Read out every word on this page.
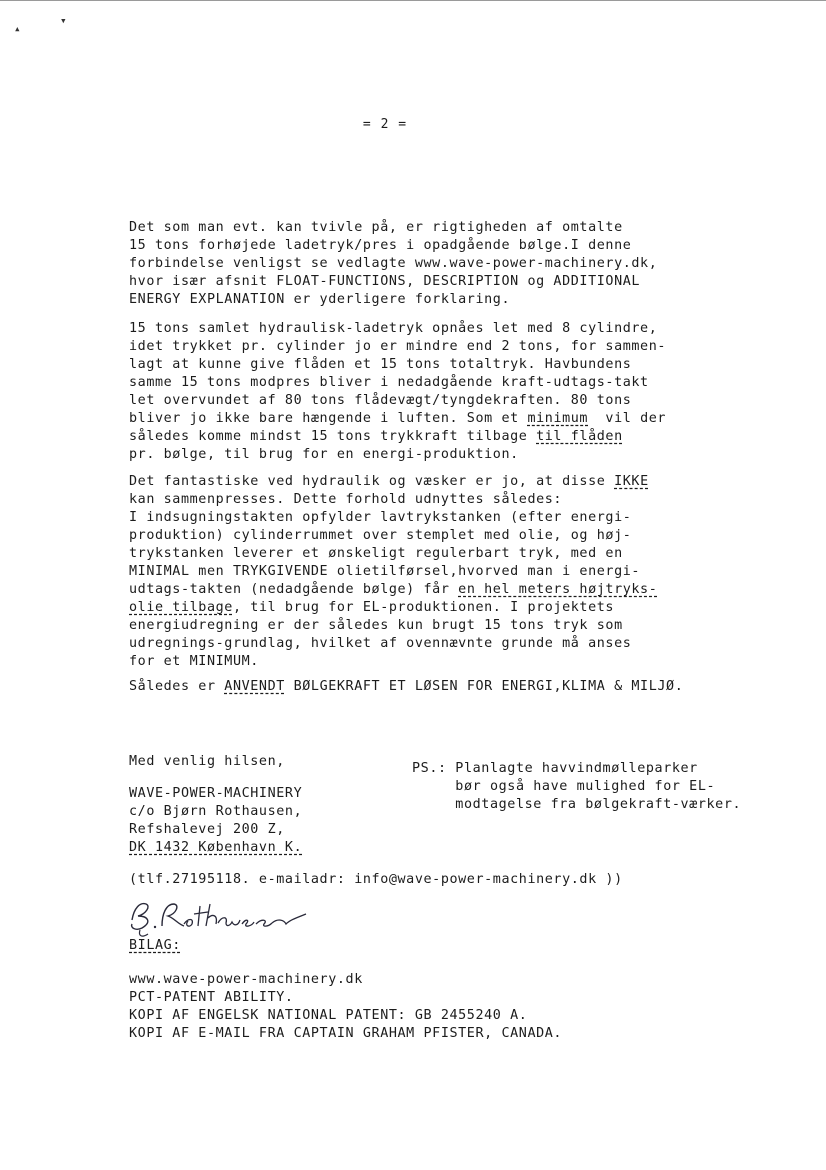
▴
▾
= 2 =
Det som man evt. kan tvivle på, er rigtigheden af omtalte
15 tons forhøjede ladetryk/pres i opadgående bølge.I denne
forbindelse venligst se vedlagte www.wave-power-machinery.dk,
hvor især afsnit FLOAT-FUNCTIONS, DESCRIPTION og ADDITIONAL
ENERGY EXPLANATION er yderligere forklaring.
15 tons samlet hydraulisk-ladetryk opnåes let med 8 cylindre,
idet trykket pr. cylinder jo er mindre end 2 tons, for sammen-
lagt at kunne give flåden et 15 tons totaltryk. Havbundens
samme 15 tons modpres bliver i nedadgående kraft-udtags-takt
let overvundet af 80 tons flådevægt/tyngdekraften. 80 tons
bliver jo ikke bare hængende i luften. Som et minimum  vil der
således komme mindst 15 tons trykkraft tilbage til flåden
pr. bølge, til brug for en energi-produktion.
Det fantastiske ved hydraulik og væsker er jo, at disse IKKE
kan sammenpresses. Dette forhold udnyttes således:
I indsugningstakten opfylder lavtrykstanken (efter energi-
produktion) cylinderrummet over stemplet med olie, og høj-
trykstanken leverer et ønskeligt regulerbart tryk, med en
MINIMAL men TRYKGIVENDE olietilførsel,hvorved man i energi-
udtags-takten (nedadgående bølge) får en hel meters højtryks-
olie tilbage, til brug for EL-produktionen. I projektets
energiudregning er der således kun brugt 15 tons tryk som
udregnings-grundlag, hvilket af ovennævnte grunde må anses
for et MINIMUM.
Således er ANVENDT BØLGEKRAFT ET LØSEN FOR ENERGI,KLIMA & MILJØ.
Med venlig hilsen,
WAVE-POWER-MACHINERY
c/o Bjørn Rothausen,
Refshalevej 200 Z,
DK 1432 København K.
PS.: Planlagte havvindmølleparker
bør også have mulighed for EL-
modtagelse fra bølgekraft-værker.
(tlf.27195118. e-mailadr: info@wave-power-machinery.dk ))
BILAG:
www.wave-power-machinery.dk
PCT-PATENT ABILITY.
KOPI AF ENGELSK NATIONAL PATENT: GB 2455240 A.
KOPI AF E-MAIL FRA CAPTAIN GRAHAM PFISTER, CANADA.
